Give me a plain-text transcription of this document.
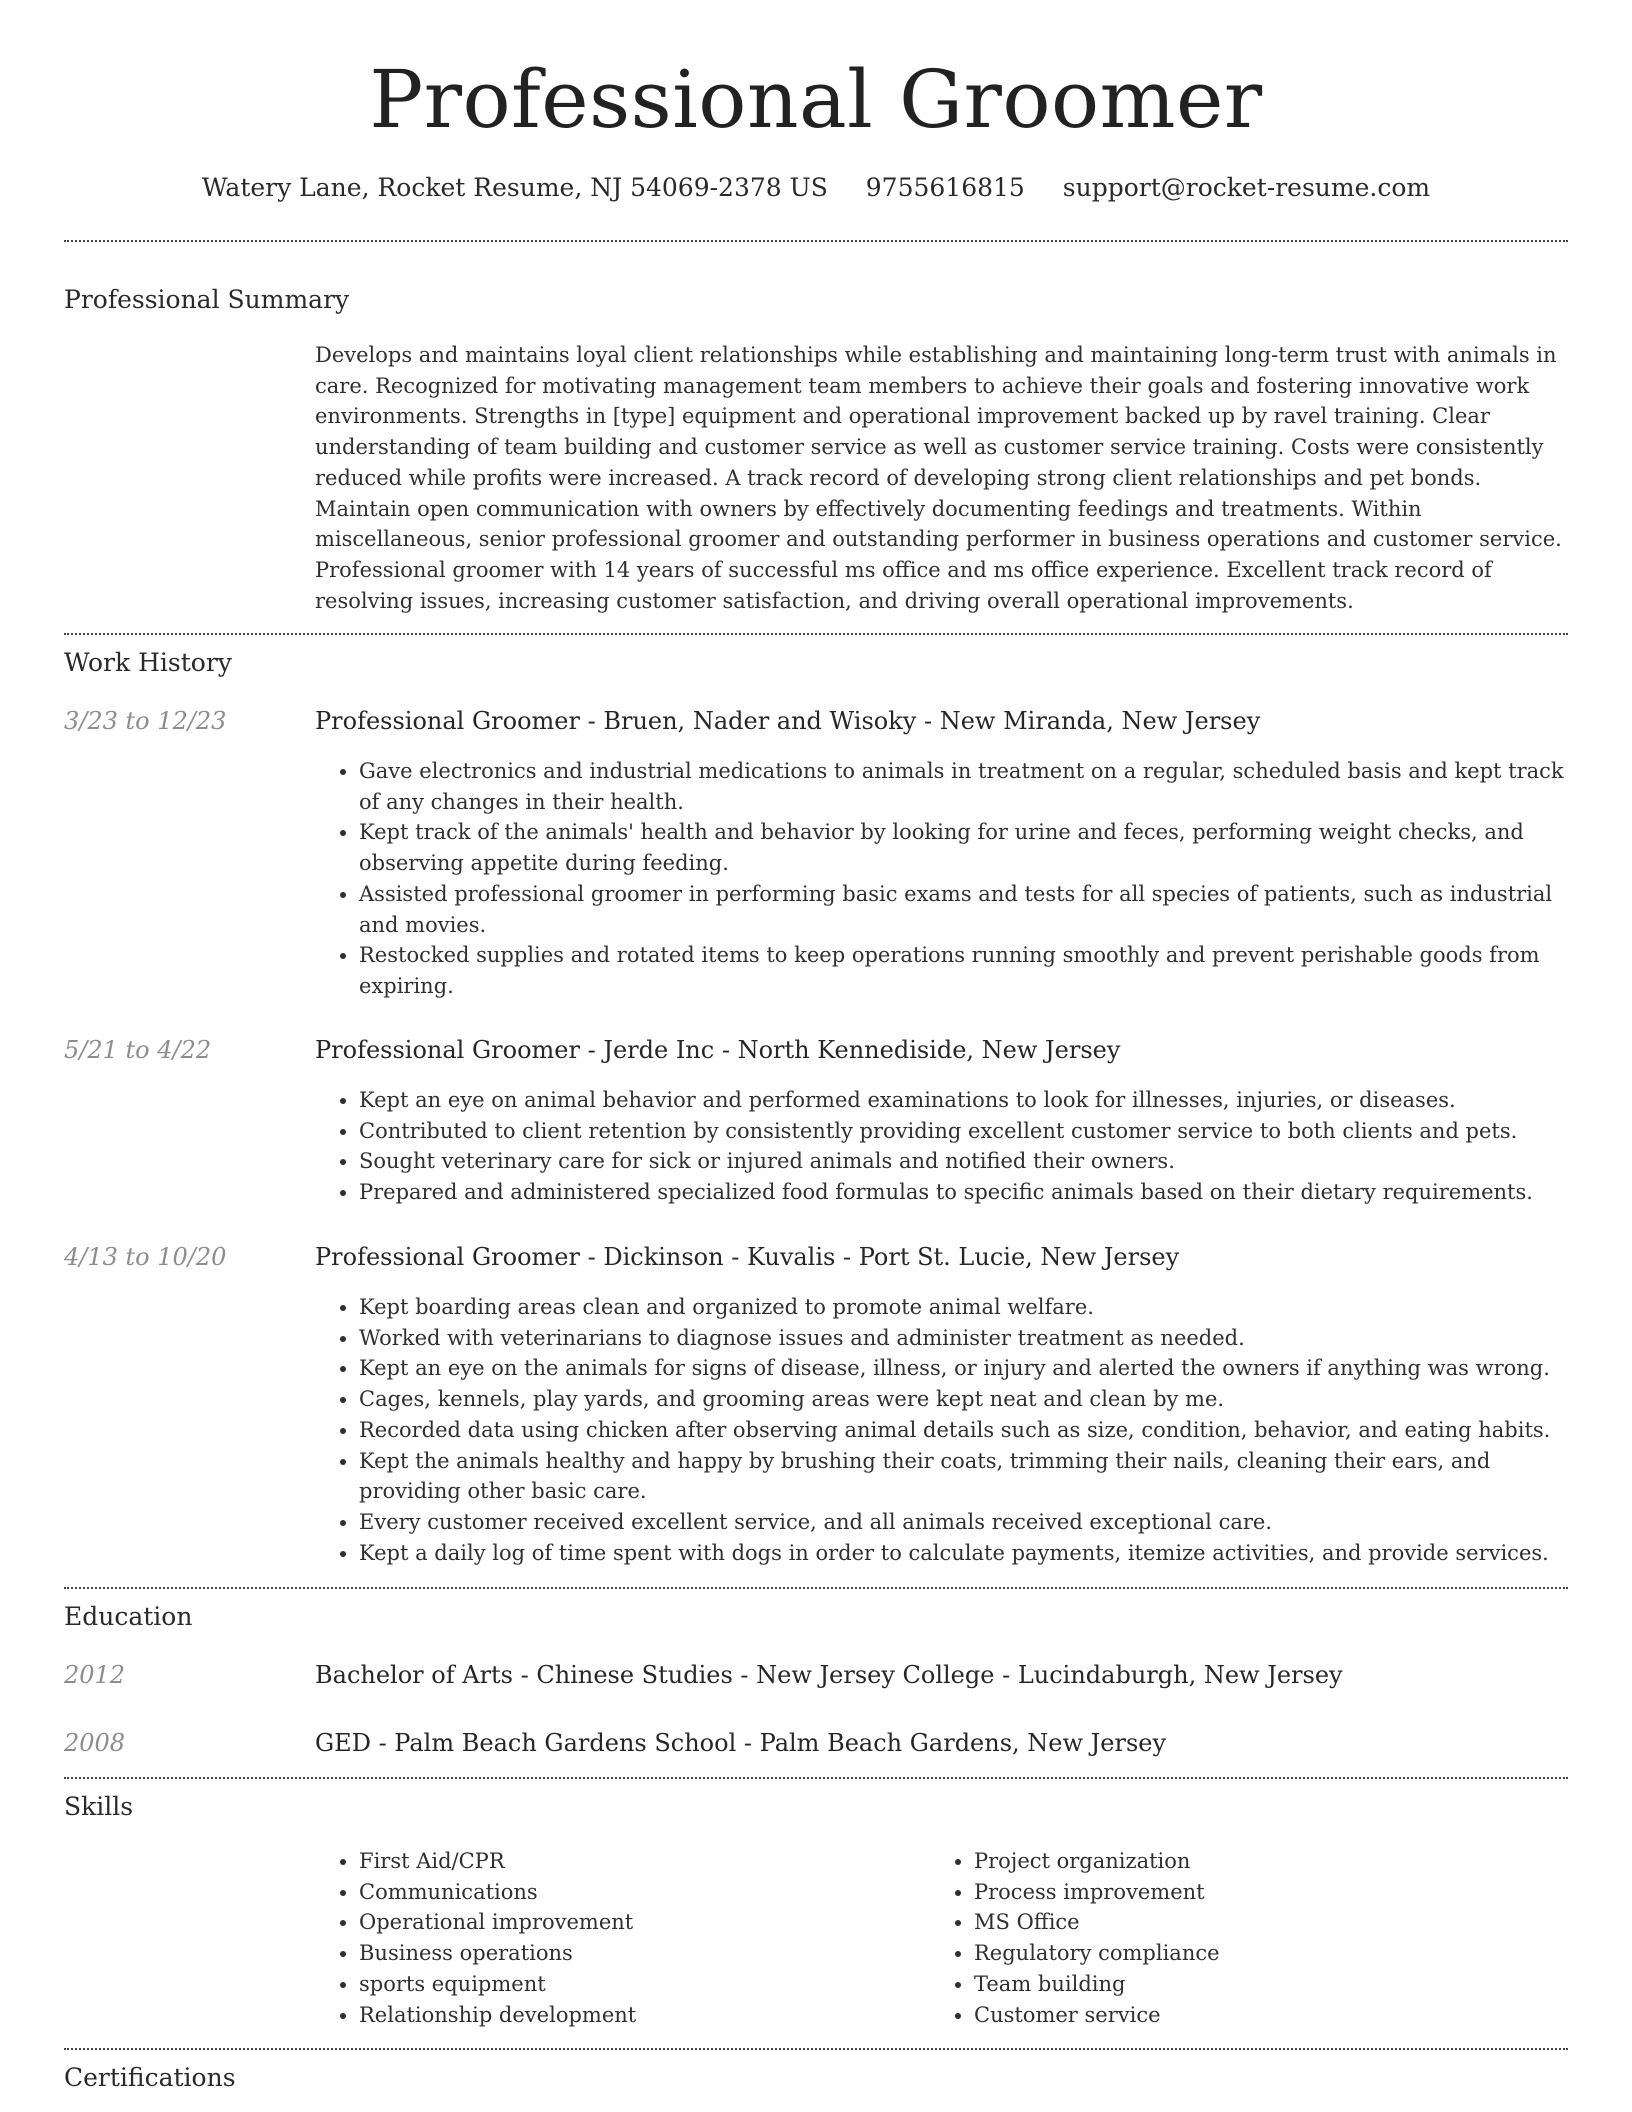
Professional Groomer
Watery Lane, Rocket Resume, NJ 54069-2378 US 9755616815 support@rocket-resume.com
Professional Summary
Develops and maintains loyal client relationships while establishing and maintaining long-term trust with animals in care. Recognized for motivating management team members to achieve their goals and fostering innovative work environments. Strengths in [type] equipment and operational improvement backed up by ravel training. Clear understanding of team building and customer service as well as customer service training. Costs were consistently reduced while profits were increased. A track record of developing strong client relationships and pet bonds. Maintain open communication with owners by effectively documenting feedings and treatments. Within miscellaneous, senior professional groomer and outstanding performer in business operations and customer service. Professional groomer with 14 years of successful ms office and ms office experience. Excellent track record of resolving issues, increasing customer satisfaction, and driving overall operational improvements.
Work History
3/23 to 12/23	Professional Groomer - Bruen, Nader and Wisoky - New Miranda, New Jersey
• Gave electronics and industrial medications to animals in treatment on a regular, scheduled basis and kept track of any changes in their health.
• Kept track of the animals' health and behavior by looking for urine and feces, performing weight checks, and observing appetite during feeding.
• Assisted professional groomer in performing basic exams and tests for all species of patients, such as industrial and movies.
• Restocked supplies and rotated items to keep operations running smoothly and prevent perishable goods from expiring.
5/21 to 4/22	Professional Groomer - Jerde Inc - North Kennediside, New Jersey
• Kept an eye on animal behavior and performed examinations to look for illnesses, injuries, or diseases.
• Contributed to client retention by consistently providing excellent customer service to both clients and pets.
• Sought veterinary care for sick or injured animals and notified their owners.
• Prepared and administered specialized food formulas to specific animals based on their dietary requirements.
4/13 to 10/20	Professional Groomer - Dickinson - Kuvalis - Port St. Lucie, New Jersey
• Kept boarding areas clean and organized to promote animal welfare.
• Worked with veterinarians to diagnose issues and administer treatment as needed.
• Kept an eye on the animals for signs of disease, illness, or injury and alerted the owners if anything was wrong.
• Cages, kennels, play yards, and grooming areas were kept neat and clean by me.
• Recorded data using chicken after observing animal details such as size, condition, behavior, and eating habits.
• Kept the animals healthy and happy by brushing their coats, trimming their nails, cleaning their ears, and providing other basic care.
• Every customer received excellent service, and all animals received exceptional care.
• Kept a daily log of time spent with dogs in order to calculate payments, itemize activities, and provide services.
Education
2012	Bachelor of Arts - Chinese Studies - New Jersey College - Lucindaburgh, New Jersey
2008	GED - Palm Beach Gardens School - Palm Beach Gardens, New Jersey
Skills
• First Aid/CPR
• Communications
• Operational improvement
• Business operations
• sports equipment
• Relationship development
• Project organization
• Process improvement
• MS Office
• Regulatory compliance
• Team building
• Customer service
Certifications
